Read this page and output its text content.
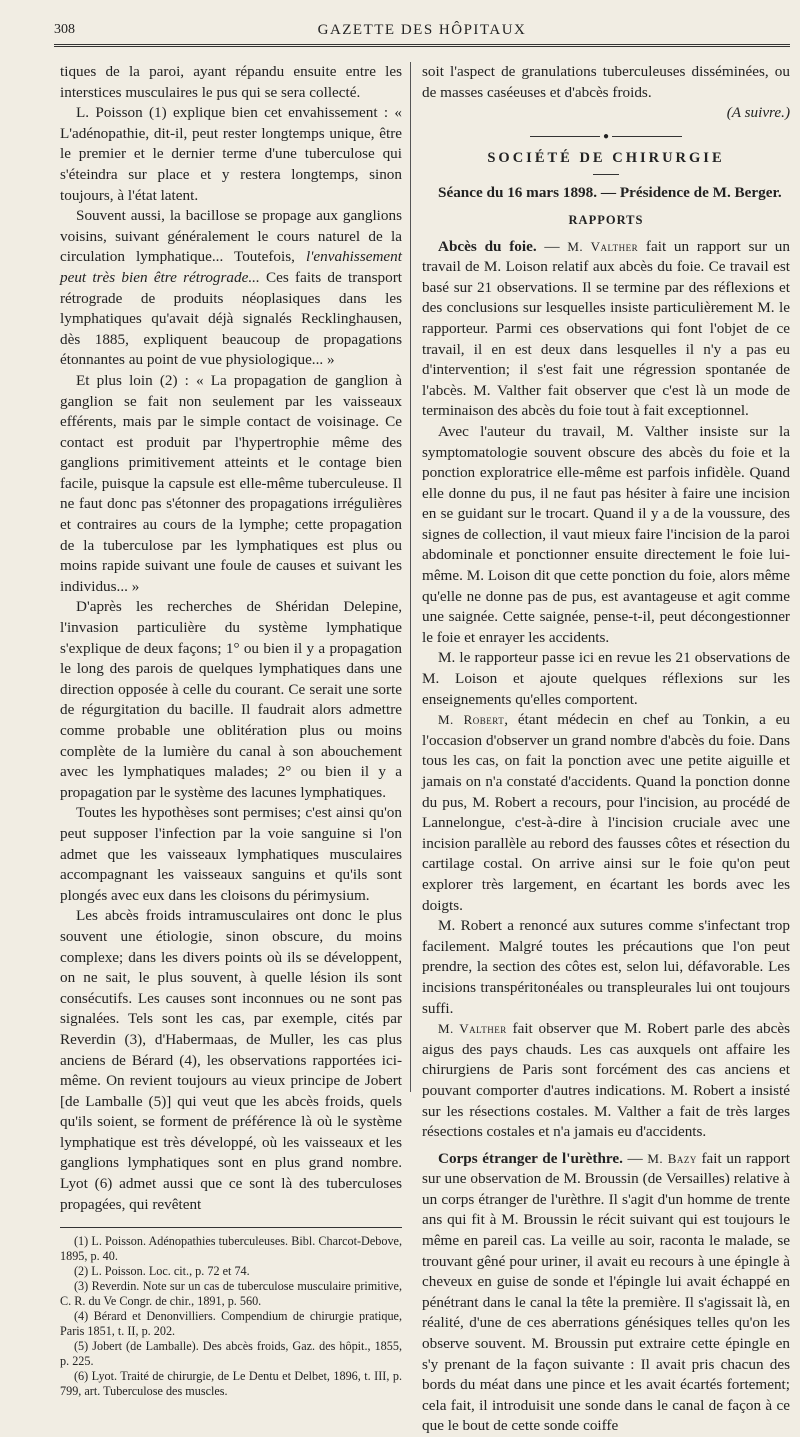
308	GAZETTE DES HÔPITAUX

tiques de la paroi, ayant répandu ensuite entre les interstices musculaires le pus qui se sera collecté.

L. Poisson (1) explique bien cet envahissement : « L'adénopathie, dit-il, peut rester longtemps unique, être le premier et le dernier terme d'une tuberculose qui s'éteindra sur place et y restera longtemps, sinon toujours, à l'état latent.

Souvent aussi, la bacillose se propage aux ganglions voisins, suivant généralement le cours naturel de la circulation lymphatique... Toutefois, l'envahissement peut très bien être rétrograde... Ces faits de transport rétrograde de produits néoplasiques dans les lymphatiques qu'avait déjà signalés Recklinghausen, dès 1885, expliquent beaucoup de propagations étonnantes au point de vue physiologique... »

Et plus loin (2) : « La propagation de ganglion à ganglion se fait non seulement par les vaisseaux efférents, mais par le simple contact de voisinage. Ce contact est produit par l'hypertrophie même des ganglions primitivement atteints et le contage bien facile, puisque la capsule est elle-même tuberculeuse. Il ne faut donc pas s'étonner des propagations irrégulières et contraires au cours de la lymphe; cette propagation de la tuberculose par les lymphatiques est plus ou moins rapide suivant une foule de causes et suivant les individus... »

D'après les recherches de Shéridan Delepine, l'invasion particulière du système lymphatique s'explique de deux façons; 1° ou bien il y a propagation le long des parois de quelques lymphatiques dans une direction opposée à celle du courant. Ce serait une sorte de régurgitation du bacille. Il faudrait alors admettre comme probable une oblitération plus ou moins complète de la lumière du canal à son abouchement avec les lymphatiques malades; 2° ou bien il y a propagation par le système des lacunes lymphatiques.

Toutes les hypothèses sont permises; c'est ainsi qu'on peut supposer l'infection par la voie sanguine si l'on admet que les vaisseaux lymphatiques musculaires accompagnant les vaisseaux sanguins et qu'ils sont plongés avec eux dans les cloisons du périmysium.

Les abcès froids intramusculaires ont donc le plus souvent une étiologie, sinon obscure, du moins complexe; dans les divers points où ils se développent, on ne sait, le plus souvent, à quelle lésion ils sont consécutifs. Les causes sont inconnues ou ne sont pas signalées. Tels sont les cas, par exemple, cités par Reverdin (3), d'Habermaas, de Muller, les cas plus anciens de Bérard (4), les observations rapportées ici-même. On revient toujours au vieux principe de Jobert [de Lamballe (5)] qui veut que les abcès froids, quels qu'ils soient, se forment de préférence là où le système lymphatique est très développé, où les vaisseaux et les ganglions lymphatiques sont en plus grand nombre. Lyot (6) admet aussi que ce sont là des tuberculoses propagées, qui revêtent

(1) L. Poisson. Adénopathies tuberculeuses. Bibl. Charcot-Debove, 1895, p. 40.

(2) L. Poisson. Loc. cit., p. 72 et 74.

(3) Reverdin. Note sur un cas de tuberculose musculaire primitive, C. R. du Ve Congr. de chir., 1891, p. 560.

(4) Bérard et Denonvilliers. Compendium de chirurgie pratique, Paris 1851, t. II, p. 202.

(5) Jobert (de Lamballe). Des abcès froids, Gaz. des hôpit., 1855, p. 225.

(6) Lyot. Traité de chirurgie, de Le Dentu et Delbet, 1896, t. III, p. 799, art. Tuberculose des muscles.

soit l'aspect de granulations tuberculeuses disséminées, ou de masses caséeuses et d'abcès froids.

(A suivre.)

●
SOCIÉTÉ DE CHIRURGIE

Séance du 16 mars 1898. — Présidence de M. Berger.

RAPPORTS

Abcès du foie. — M. Valther fait un rapport sur un travail de M. Loison relatif aux abcès du foie. Ce travail est basé sur 21 observations. Il se termine par des réflexions et des conclusions sur lesquelles insiste particulièrement M. le rapporteur. Parmi ces observations qui font l'objet de ce travail, il en est deux dans lesquelles il n'y a pas eu d'intervention; il s'est fait une régression spontanée de l'abcès. M. Valther fait observer que c'est là un mode de terminaison des abcès du foie tout à fait exceptionnel.

Avec l'auteur du travail, M. Valther insiste sur la symptomatologie souvent obscure des abcès du foie et la ponction exploratrice elle-même est parfois infidèle. Quand elle donne du pus, il ne faut pas hésiter à faire une incision en se guidant sur le trocart. Quand il y a de la voussure, des signes de collection, il vaut mieux faire l'incision de la paroi abdominale et ponctionner ensuite directement le foie lui-même. M. Loison dit que cette ponction du foie, alors même qu'elle ne donne pas de pus, est avantageuse et agit comme une saignée. Cette saignée, pense-t-il, peut décongestionner le foie et enrayer les accidents.

M. le rapporteur passe ici en revue les 21 observations de M. Loison et ajoute quelques réflexions sur les enseignements qu'elles comportent.

M. Robert, étant médecin en chef au Tonkin, a eu l'occasion d'observer un grand nombre d'abcès du foie. Dans tous les cas, on fait la ponction avec une petite aiguille et jamais on n'a constaté d'accidents. Quand la ponction donne du pus, M. Robert a recours, pour l'incision, au procédé de Lannelongue, c'est-à-dire à l'incision cruciale avec une incision parallèle au rebord des fausses côtes et résection du cartilage costal. On arrive ainsi sur le foie qu'on peut explorer très largement, en écartant les bords avec les doigts.

M. Robert a renoncé aux sutures comme s'infectant trop facilement. Malgré toutes les précautions que l'on peut prendre, la section des côtes est, selon lui, défavorable. Les incisions transpéritonéales ou transpleurales lui ont toujours suffi.

M. Valther fait observer que M. Robert parle des abcès aigus des pays chauds. Les cas auxquels ont affaire les chirurgiens de Paris sont forcément des cas anciens et pouvant comporter d'autres indications. M. Robert a insisté sur les résections costales. M. Valther a fait de très larges résections costales et n'a jamais eu d'accidents.

Corps étranger de l'urèthre. — M. Bazy fait un rapport sur une observation de M. Broussin (de Versailles) relative à un corps étranger de l'urèthre. Il s'agit d'un homme de trente ans qui fit à M. Broussin le récit suivant qui est toujours le même en pareil cas. La veille au soir, raconta le malade, se trouvant gêné pour uriner, il avait eu recours à une épingle à cheveux en guise de sonde et l'épingle lui avait échappé en pénétrant dans le canal la tête la première. Il s'agissait là, en réalité, d'une de ces aberrations génésiques telles qu'on les observe souvent. M. Broussin put extraire cette épingle en s'y prenant de la façon suivante : Il avait pris chacun des bords du méat dans une pince et les avait écartés fortement; cela fait, il introduisit une sonde dans le canal de façon à ce que le bout de cette sonde coiffe
